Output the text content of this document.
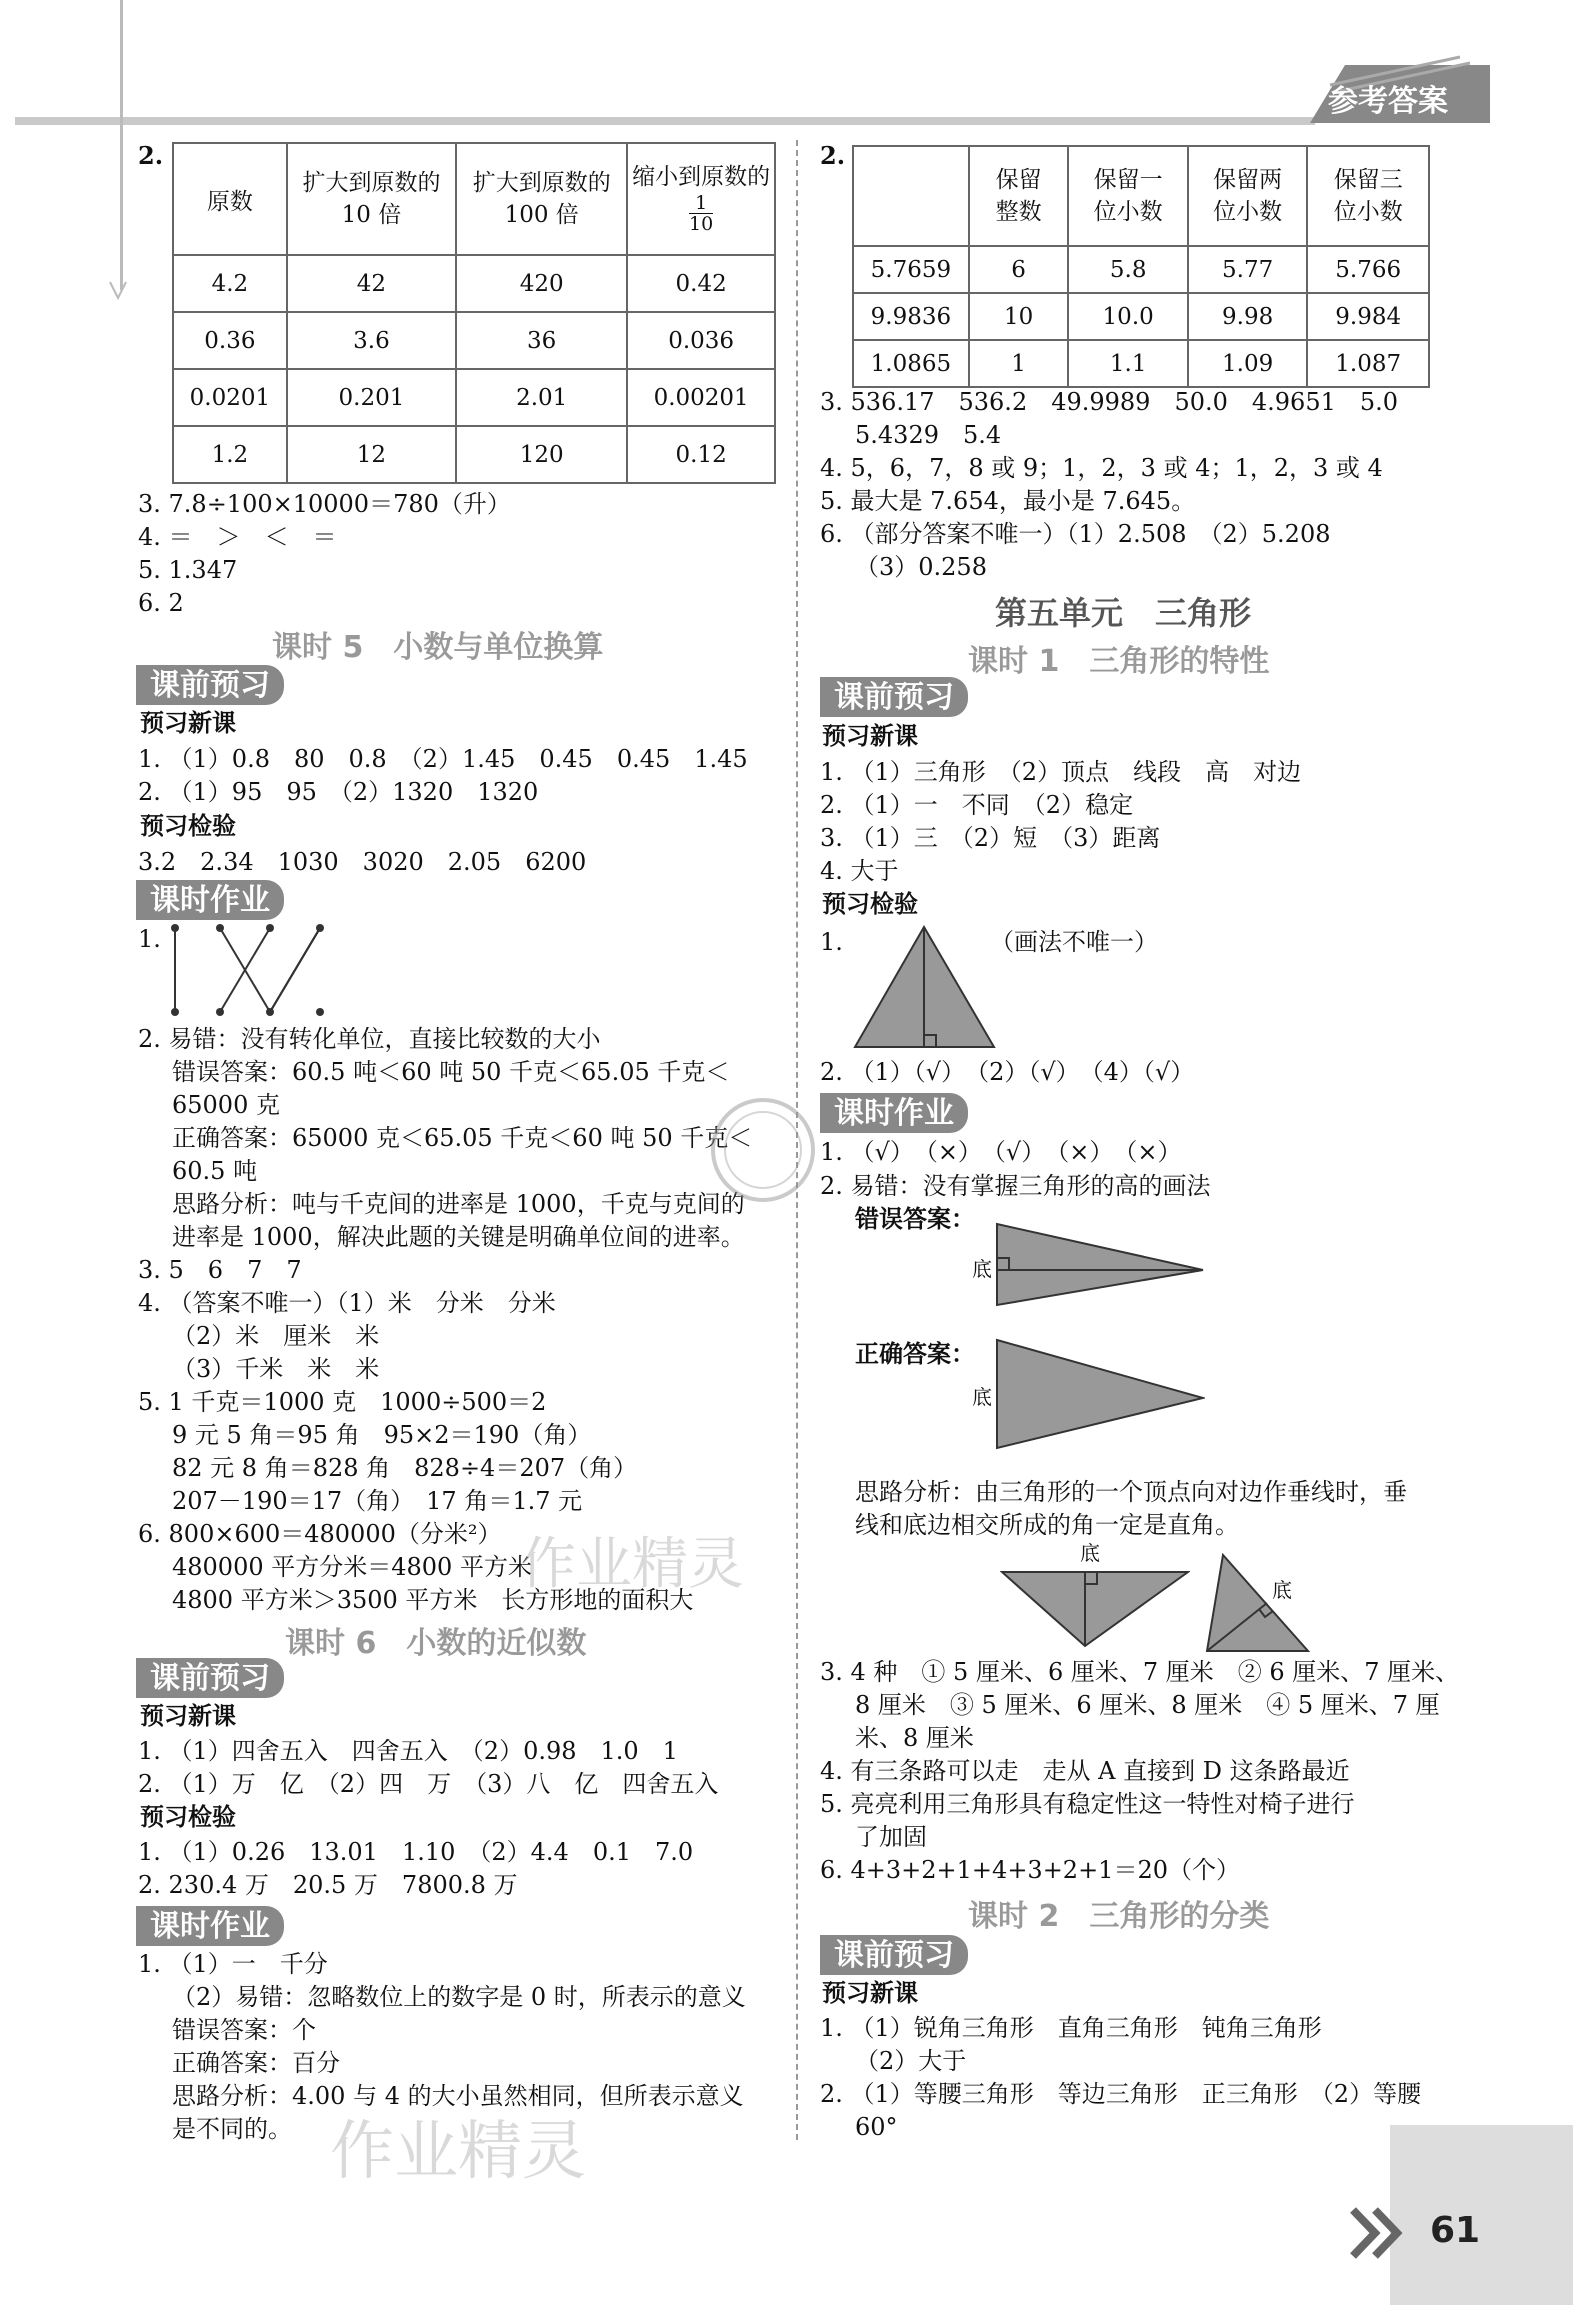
参考答案
2.
原数	扩大到原数的 10 倍	扩大到原数的 100 倍	缩小到原数的
$\frac{1}{10}$

4.2	42	420	0.42
0.36	3.6	36	0.036
0.0201	0.201	2.01	0.00201
1.2	12	120	0.12
3. 7.8÷100×10000＝780（升）
4. ＝　＞　＜　＝
5. 1.347
6. 2
课时 5　小数与单位换算
课前预习
预习新课
1. （1）0.8　80　0.8　（2）1.45　0.45　0.45　1.45
2. （1）95　95　（2）1320　1320
预习检验
3.2　2.34　1030　3020　2.05　6200
课时作业
1.
2. 易错：没有转化单位，直接比较数的大小
错误答案：60.5 吨＜60 吨 50 千克＜65.05 千克＜
65000 克
正确答案：65000 克＜65.05 千克＜60 吨 50 千克＜
60.5 吨
思路分析：吨与千克间的进率是 1000，千克与克间的
进率是 1000，解决此题的关键是明确单位间的进率。
3. 5　6　7　7
4. （答案不唯一）（1）米　分米　分米
（2）米　厘米　米
（3）千米　米　米
5. 1 千克＝1000 克　1000÷500＝2
9 元 5 角＝95 角　95×2＝190（角）
82 元 8 角＝828 角　828÷4＝207（角）
207－190＝17（角）　17 角＝1.7 元
6. 800×600＝480000（分米²）
480000 平方分米＝4800 平方米
4800 平方米＞3500 平方米　长方形地的面积大
课时 6　小数的近似数
课前预习
预习新课
1. （1）四舍五入　四舍五入　（2）0.98　1.0　1
2. （1）万　亿　（2）四　万　（3）八　亿　四舍五入
预习检验
1. （1）0.26　13.01　1.10　（2）4.4　0.1　7.0
2. 230.4 万　20.5 万　7800.8 万
课时作业
1. （1）一　千分
（2）易错：忽略数位上的数字是 0 时，所表示的意义
错误答案：个
正确答案：百分
思路分析：4.00 与 4 的大小虽然相同，但所表示意义
是不同的。
2.
	保留整数	保留一位小数	保留两位小数	保留三位小数
5.7659	6	5.8	5.77	5.766
9.9836	10	10.0	9.98	9.984
1.0865	1	1.1	1.09	1.087
3. 536.17　536.2　49.9989　50.0　4.9651　5.0
5.4329　5.4
4. 5，6，7，8 或 9；1，2，3 或 4；1，2，3 或 4
5. 最大是 7.654，最小是 7.645。
6. （部分答案不唯一）（1）2.508　（2）5.208
（3）0.258
第五单元　三角形
课时 1　三角形的特性
课前预习
预习新课
1. （1）三角形　（2）顶点　线段　高　对边
2. （1）一　不同　（2）稳定
3. （1）三　（2）短　（3）距离
4. 大于
预习检验
1.	（画法不唯一）
2. （1）（√）　（2）（√）　（4）（√）
课时作业
1. （√）　（×）　（√）　（×）　（×）
2. 易错：没有掌握三角形的高的画法
错误答案：
底
正确答案：
底
思路分析：由三角形的一个顶点向对边作垂线时，垂
线和底边相交所成的角一定是直角。
底
底
3. 4 种　① 5 厘米、6 厘米、7 厘米　② 6 厘米、7 厘米、
8 厘米　③ 5 厘米、6 厘米、8 厘米　④ 5 厘米、7 厘
米、8 厘米
4. 有三条路可以走　走从 A 直接到 D 这条路最近
5. 亮亮利用三角形具有稳定性这一特性对椅子进行
了加固
6. 4+3+2+1+4+3+2+1＝20（个）
课时 2　三角形的分类
课前预习
预习新课
1. （1）锐角三角形　直角三角形　钝角三角形
（2）大于
2. （1）等腰三角形　等边三角形　正三角形　（2）等腰
60°
作业精灵
作业精灵
61
